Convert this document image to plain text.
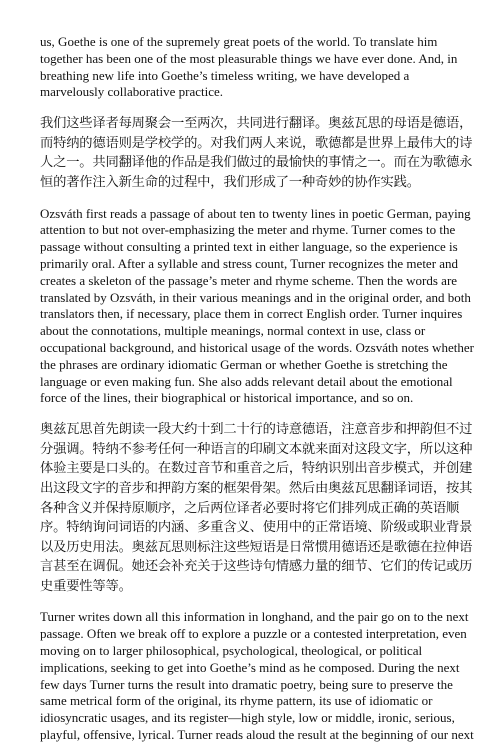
us, Goethe is one of the supremely great poets of the world. To translate him together has been one of the most pleasurable things we have ever done. And, in breathing new life into Goethe’s timeless writing, we have developed a marvelously collaborative practice.

我们这些译者每周聚会一至两次，共同进行翻译。奥兹瓦思的母语是德语，而特纳的德语则是学校学的。对我们两人来说，歌德都是世界上最伟大的诗人之一。共同翻译他的作品是我们做过的最愉快的事情之一。而在为歌德永恒的著作注入新生命的过程中，我们形成了一种奇妙的协作实践。

Ozsváth first reads a passage of about ten to twenty lines in poetic German, paying attention to but not over-emphasizing the meter and rhyme. Turner comes to the passage without consulting a printed text in either language, so the experience is primarily oral. After a syllable and stress count, Turner recognizes the meter and creates a skeleton of the passage’s meter and rhyme scheme. Then the words are translated by Ozsváth, in their various meanings and in the original order, and both translators then, if necessary, place them in correct English order. Turner inquires about the connotations, multiple meanings, normal context in use, class or occupational background, and historical usage of the words. Ozsváth notes whether the phrases are ordinary idiomatic German or whether Goethe is stretching the language or even making fun. She also adds relevant detail about the emotional force of the lines, their biographical or historical importance, and so on.

奥兹瓦思首先朗读一段大约十到二十行的诗意德语，注意音步和押韵但不过分强调。特纳不参考任何一种语言的印刷文本就来面对这段文字，所以这种体验主要是口头的。在数过音节和重音之后，特纳识别出音步模式，并创建出这段文字的音步和押韵方案的框架骨架。然后由奥兹瓦思翻译词语，按其各种含义并保持原顺序，之后两位译者必要时将它们排列成正确的英语顺序。特纳询问词语的内涵、多重含义、使用中的正常语境、阶级或职业背景以及历史用法。奥兹瓦思则标注这些短语是日常惯用德语还是歌德在拉伸语言甚至在调侃。她还会补充关于这些诗句情感力量的细节、它们的传记或历史重要性等等。

Turner writes down all this information in longhand, and the pair go on to the next passage. Often we break off to explore a puzzle or a contested interpretation, even moving on to larger philosophical, psychological, theological, or political implications, seeking to get into Goethe’s mind as he composed. During the next few days Turner turns the result into dramatic poetry, being sure to preserve the same metrical form of the original, its rhyme pattern, its use of idiomatic or idiosyncratic usages, and its register—high style, low or middle, ironic, serious, playful, offensive, lyrical. Turner reads aloud the result at the beginning of our next
